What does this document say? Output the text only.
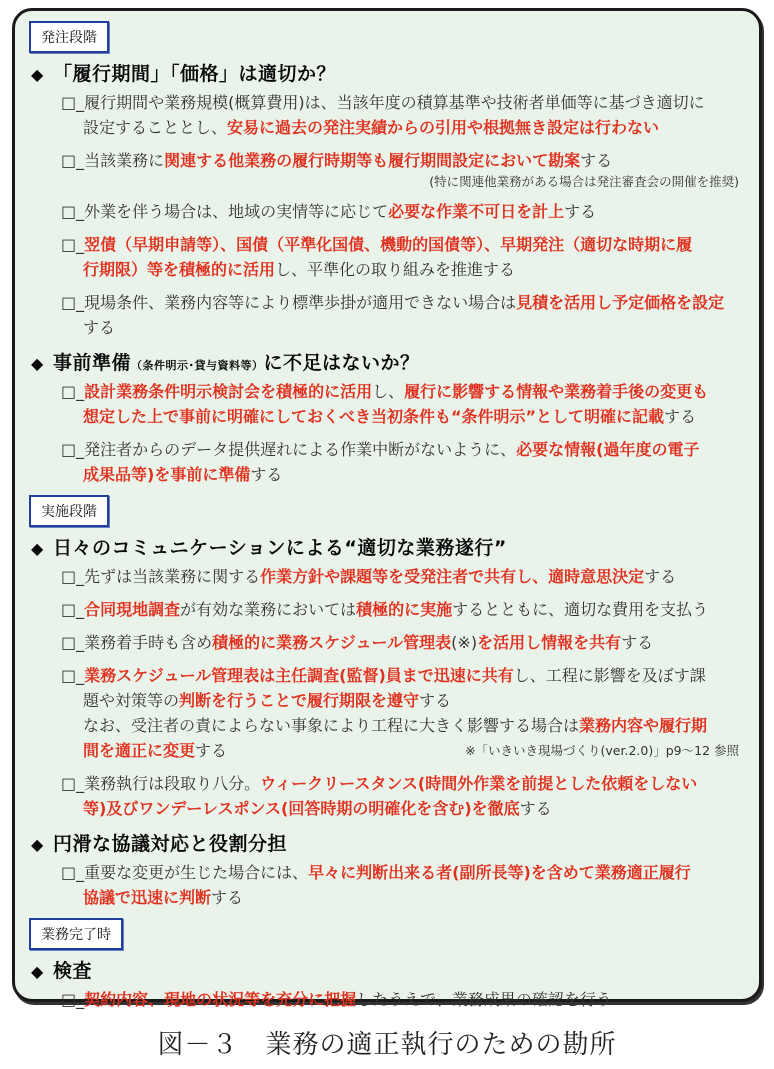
発注段階
◆ 「履行期間」「価格」は適切か？
□_履行期間や業務規模(概算費用)は、当該年度の積算基準や技術者単価等に基づき適切に
設定することとし、安易に過去の発注実績からの引用や根拠無き設定は行わない
□_当該業務に関連する他業務の履行時期等も履行期間設定において勘案する
(特に関連他業務がある場合は発注審査会の開催を推奨)
□_外業を伴う場合は、地域の実情等に応じて必要な作業不可日を計上する
□_翌債（早期申請等）、国債（平準化国債、機動的国債等）、早期発注（適切な時期に履
行期限）等を積極的に活用し、平準化の取り組みを推進する
□_現場条件、業務内容等により標準歩掛が適用できない場合は見積を活用し予定価格を設定
する
◆ 事前準備（条件明示･貸与資料等）に不足はないか？
□_設計業務条件明示検討会を積極的に活用し、履行に影響する情報や業務着手後の変更も
想定した上で事前に明確にしておくべき当初条件も“条件明示”として明確に記載する
□_発注者からのデータ提供遅れによる作業中断がないように、必要な情報(過年度の電子
成果品等)を事前に準備する
実施段階
◆ 日々のコミュニケーションによる“適切な業務遂行”
□_先ずは当該業務に関する作業方針や課題等を受発注者で共有し、適時意思決定する
□_合同現地調査が有効な業務においては積極的に実施するとともに、適切な費用を支払う
□_業務着手時も含め積極的に業務スケジュール管理表(※)を活用し情報を共有する
□_業務スケジュール管理表は主任調査(監督)員まで迅速に共有し、工程に影響を及ぼす課
題や対策等の判断を行うことで履行期限を遵守する
なお、受注者の責によらない事象により工程に大きく影響する場合は業務内容や履行期
間を適正に変更する	※「いきいき現場づくり(ver.2.0)」p9～12 参照
□_業務執行は段取り八分。ウィークリースタンス(時間外作業を前提とした依頼をしない
等)及びワンデーレスポンス(回答時期の明確化を含む)を徹底する
◆ 円滑な協議対応と役割分担
□_重要な変更が生じた場合には、早々に判断出来る者(副所長等)を含めて業務適正履行
協議で迅速に判断する
業務完了時
◆ 検査
□_契約内容、現地の状況等を充分に把握したうえで、業務成果の確認を行う
図－３　業務の適正執行のための勘所
